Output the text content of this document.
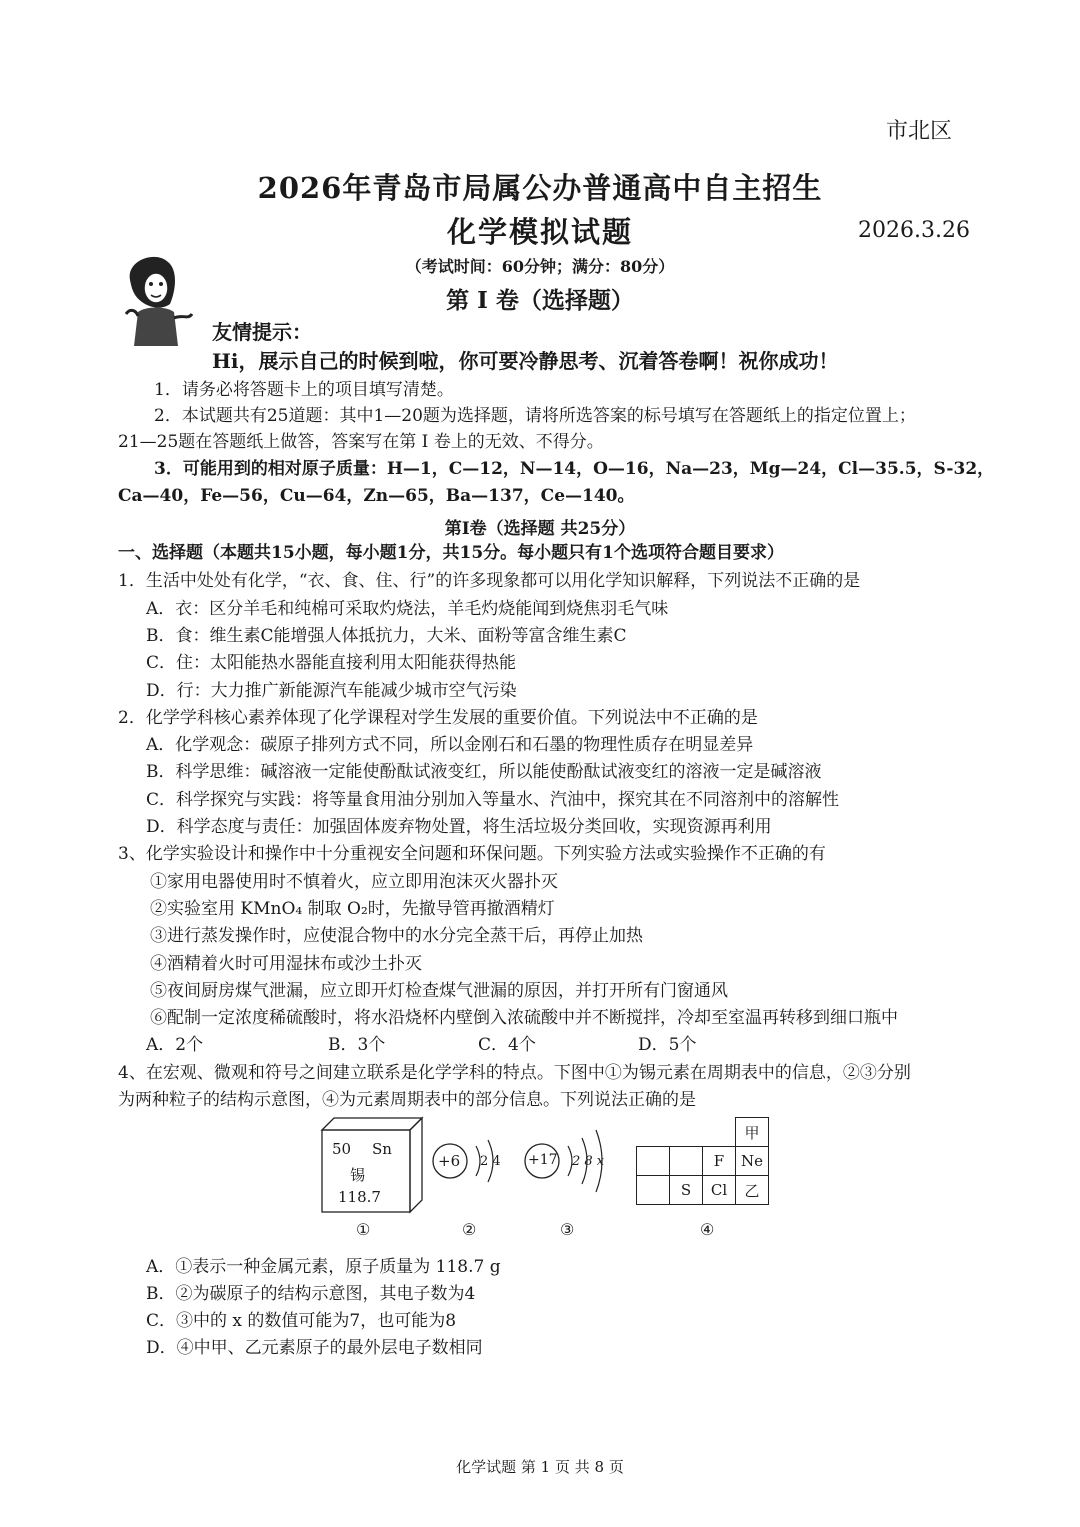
市北区
2026年青岛市局属公办普通高中自主招生
化学模拟试题	2026.3.26
（考试时间：60分钟；满分：80分）
第 I 卷（选择题）
友情提示：
Hi，展示自己的时候到啦，你可要冷静思考、沉着答卷啊！祝你成功！
1．请务必将答题卡上的项目填写清楚。
2．本试题共有25道题：其中1—20题为选择题，请将所选答案的标号填写在答题纸上的指定位置上；
21—25题在答题纸上做答，答案写在第 I 卷上的无效、不得分。
3．可能用到的相对原子质量：H—1，C—12，N—14，O—16，Na—23，Mg—24，Cl—35.5，S-32，
Ca—40，Fe—56，Cu—64，Zn—65，Ba—137，Ce—140。
第Ⅰ卷（选择题 共25分）
一、选择题（本题共15小题，每小题1分，共15分。每小题只有1个选项符合题目要求）
1．生活中处处有化学，“衣、食、住、行”的许多现象都可以用化学知识解释，下列说法不正确的是
A．衣：区分羊毛和纯棉可采取灼烧法，羊毛灼烧能闻到烧焦羽毛气味
B．食：维生素C能增强人体抵抗力，大米、面粉等富含维生素C
C．住：太阳能热水器能直接利用太阳能获得热能
D．行：大力推广新能源汽车能减少城市空气污染
2．化学学科核心素养体现了化学课程对学生发展的重要价值。下列说法中不正确的是
A．化学观念：碳原子排列方式不同，所以金刚石和石墨的物理性质存在明显差异
B．科学思维：碱溶液一定能使酚酞试液变红，所以能使酚酞试液变红的溶液一定是碱溶液
C．科学探究与实践：将等量食用油分别加入等量水、汽油中，探究其在不同溶剂中的溶解性
D．科学态度与责任：加强固体废弃物处置，将生活垃圾分类回收，实现资源再利用
3、化学实验设计和操作中十分重视安全问题和环保问题。下列实验方法或实验操作不正确的有
①家用电器使用时不慎着火，应立即用泡沫灭火器扑灭
②实验室用 KMnO₄ 制取 O₂时，先撤导管再撤酒精灯
③进行蒸发操作时，应使混合物中的水分完全蒸干后，再停止加热
④酒精着火时可用湿抹布或沙土扑灭
⑤夜间厨房煤气泄漏，应立即开灯检查煤气泄漏的原因，并打开所有门窗通风
⑥配制一定浓度稀硫酸时，将水沿烧杯内壁倒入浓硫酸中并不断搅拌，冷却至室温再转移到细口瓶中
A．2个	B．3个	C．4个	D．5个
4、在宏观、微观和符号之间建立联系是化学学科的特点。下图中①为锡元素在周期表中的信息，②③分别
为两种粒子的结构示意图，④为元素周期表中的部分信息。下列说法正确的是
50 Sn
锡
118.7
+6 2 4 +17 2 8 x
			甲
		F	Ne
	S	Cl	乙
①	②	③	④
A．①表示一种金属元素，原子质量为 118.7 g
B．②为碳原子的结构示意图，其电子数为4
C．③中的 x 的数值可能为7，也可能为8
D．④中甲、乙元素原子的最外层电子数相同
化学试题 第 1 页 共 8 页
